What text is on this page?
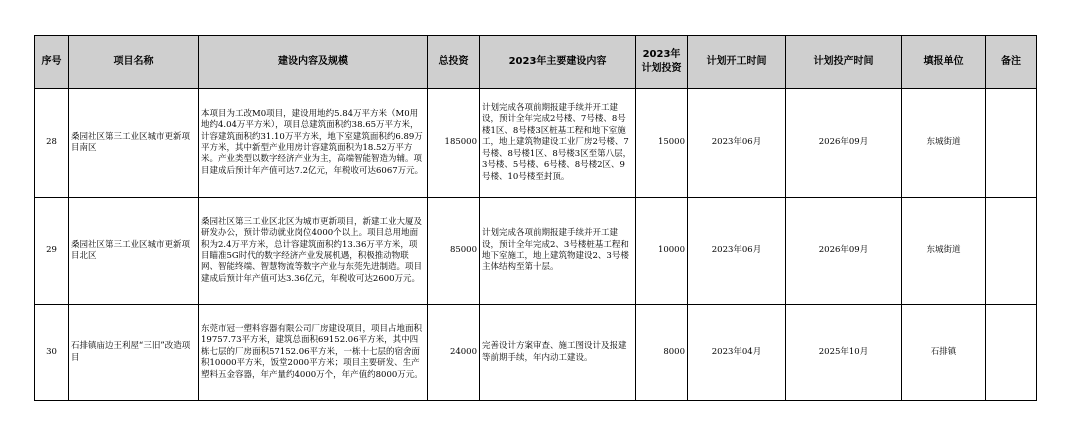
序号	项目名称	建设内容及规模	总投资	2023年主要建设内容	2023年计划投资	计划开工时间	计划投产时间	填报单位	备注
28	桑园社区第三工业区城市更新项目南区	本项目为工改M0项目，建设用地约5.84万平方米（M0用地约4.04万平方米），项目总建筑面积约38.65万平方米，计容建筑面积约31.10万平方米，地下室建筑面积约6.89万平方米，其中新型产业用房计容建筑面积为18.52万平方米。产业类型以数字经济产业为主，高端智能智造为辅。项目建成后预计年产值可达7.2亿元，年税收可达6067万元。	185000	计划完成各项前期报建手续并开工建设，预计全年完成2号楼、7号楼、8号楼1区、8号楼3区桩基工程和地下室施工，地上建筑物建设工业厂房2号楼、7号楼、8号楼1区、8号楼3区至第八层，3号楼、5号楼、6号楼、8号楼2区、9号楼、10号楼至封顶。	15000	2023年06月	2026年09月	东城街道	
29	桑园社区第三工业区城市更新项目北区	桑园社区第三工业区北区为城市更新项目，新建工业大厦及研发办公，预计带动就业岗位4000个以上。项目总用地面积为2.4万平方米，总计容建筑面积约13.36万平方米，项目瞄准5G时代的数字经济产业发展机遇，积极推动物联网、智能终端、智慧物流等数字产业与东莞先进制造。项目建成后预计年产值可达3.36亿元，年税收可达2600万元。	85000	计划完成各项前期报建手续并开工建设，预计全年完成2、3号楼桩基工程和地下室施工，地上建筑物建设2、3号楼主体结构至第十层。	10000	2023年06月	2026年09月	东城街道	
30	石排镇庙边王利屋“三旧”改造项目	东莞市冠一塑料容器有限公司厂房建设项目，项目占地面积19757.73平方米，建筑总面积69152.06平方米，其中四栋七层的厂房面积57152.06平方米，一栋十七层的宿舍面积10000平方米，饭堂2000平方米；项目主要研发、生产塑料五金容器，年产量约4000万个，年产值约8000万元。	24000	完善设计方案审查、施工图设计及报建等前期手续，年内动工建设。	8000	2023年04月	2025年10月	石排镇	
